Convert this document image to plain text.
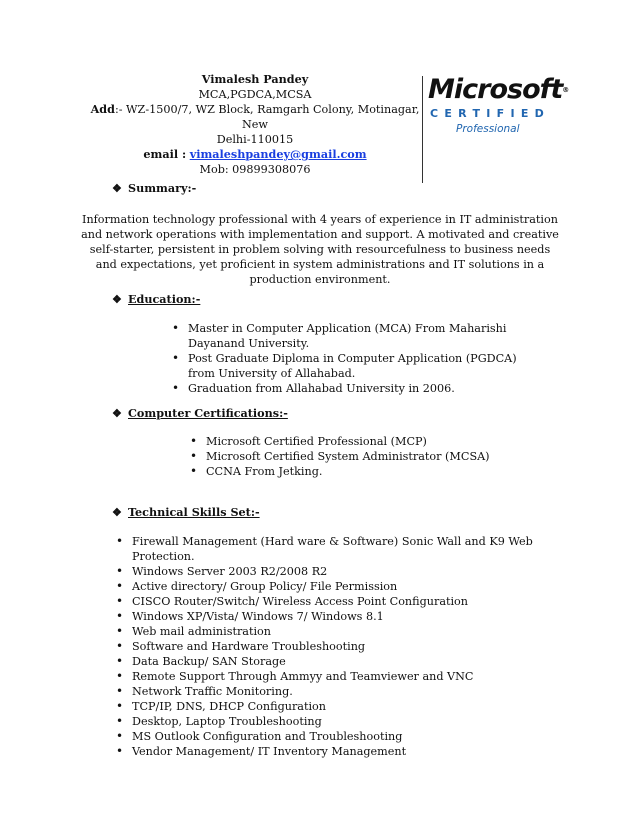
Vimalesh Pandey
MCA,PGDCA,MCSA
Add:- WZ-1500/7, WZ Block, Ramgarh Colony, Motinagar, New
Delhi-110015
email : vimaleshpandey@gmail.com
Mob: 09899308076
Microsoft®
CERTIFIED
Professional
❖ Summary:-
Information technology professional with 4 years of experience in IT administration and network operations with implementation and support. A motivated and creative self-starter, persistent in problem solving with resourcefulness to business needs and expectations, yet proficient in system administrations and IT solutions in a production environment.
❖ Education:-
• Master in Computer Application (MCA) From Maharishi Dayanand University.
• Post Graduate Diploma in Computer Application (PGDCA) from University of Allahabad.
• Graduation from Allahabad University in 2006.
❖ Computer Certifications:-
• Microsoft Certified Professional (MCP)
• Microsoft Certified System Administrator (MCSA)
• CCNA From Jetking.
❖ Technical Skills Set:-
• Firewall Management (Hard ware & Software) Sonic Wall and K9 Web Protection.
• Windows Server 2003 R2/2008 R2
• Active directory/ Group Policy/ File Permission
• CISCO Router/Switch/ Wireless Access Point Configuration
• Windows XP/Vista/ Windows 7/ Windows 8.1
• Web mail administration
• Software and Hardware Troubleshooting
• Data Backup/ SAN Storage
• Remote Support Through Ammyy and Teamviewer and VNC
• Network Traffic Monitoring.
• TCP/IP, DNS, DHCP Configuration
• Desktop, Laptop Troubleshooting
• MS Outlook Configuration and Troubleshooting
• Vendor Management/ IT Inventory Management
